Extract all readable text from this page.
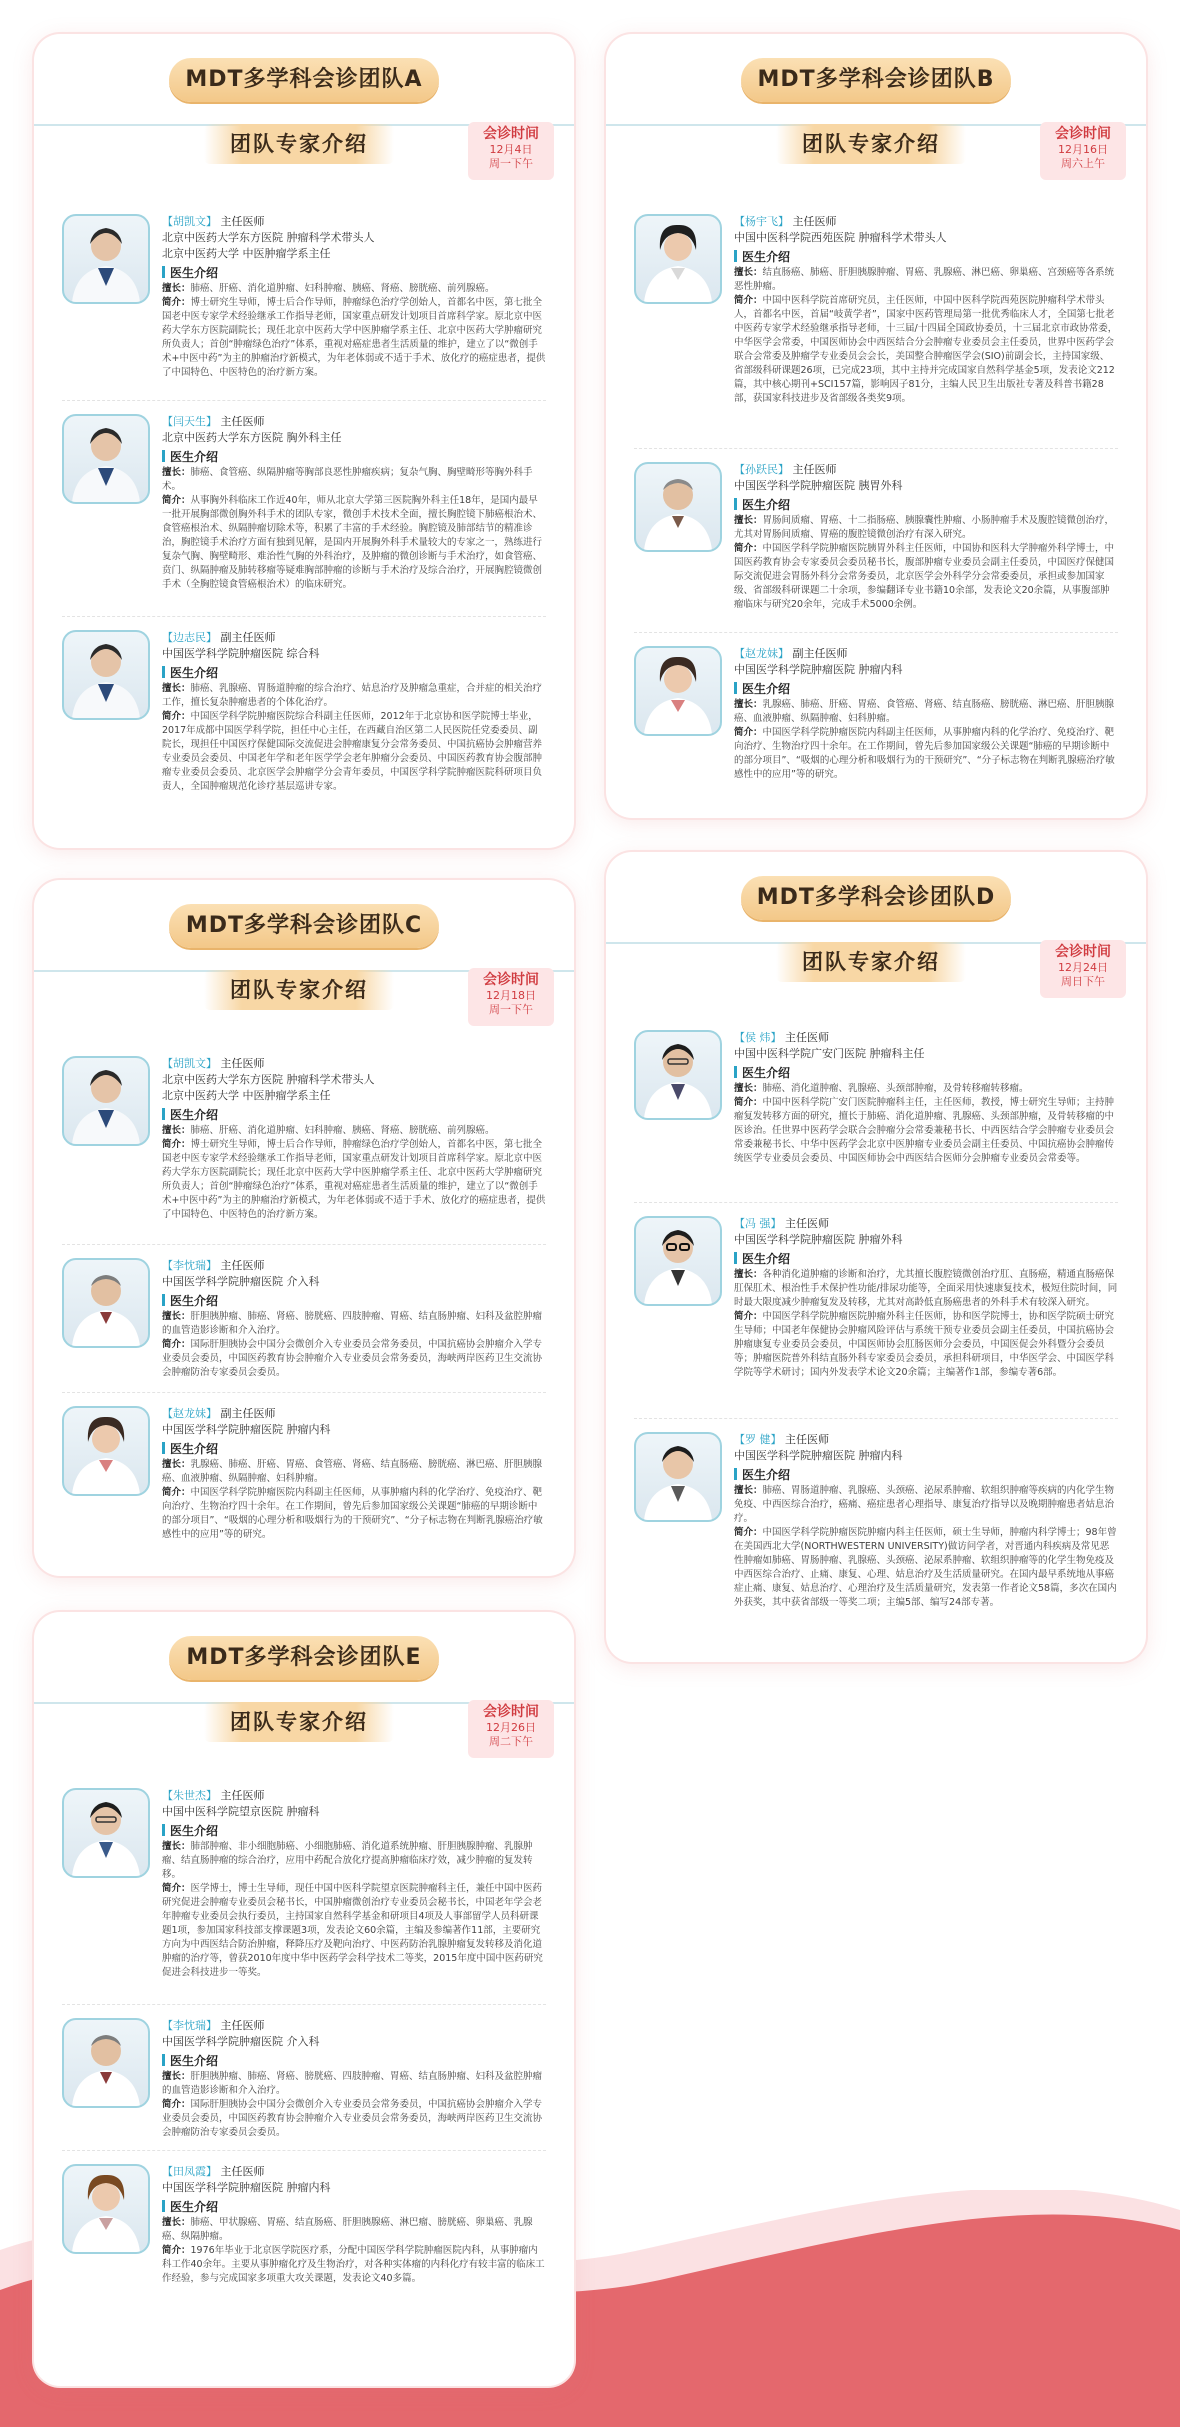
MDT多学科会诊团队A
团队专家介绍	会诊时间
12月4日
周一下午
【胡凯文】 主任医师
北京中医药大学东方医院 肿瘤科学术带头人
北京中医药大学 中医肿瘤学系主任
医生介绍

擅长：肺癌、肝癌、消化道肿瘤、妇科肿瘤、胰癌、肾癌、膀胱癌、前列腺癌。

简介：博士研究生导师，博士后合作导师，肿瘤绿色治疗学创始人，首都名中医，第七批全国老中医专家学术经验继承工作指导老师，国家重点研发计划项目首席科学家。原北京中医药大学东方医院副院长；现任北京中医药大学中医肿瘤学系主任、北京中医药大学肿瘤研究所负责人；首创“肿瘤绿色治疗”体系，重视对癌症患者生活质量的维护，建立了以“微创手术+中医中药”为主的肿瘤治疗新模式，为年老体弱或不适于手术、放化疗的癌症患者，提供了中国特色、中医特色的治疗新方案。

【闫天生】 主任医师
北京中医药大学东方医院 胸外科主任
医生介绍

擅长：肺癌、食管癌、纵隔肿瘤等胸部良恶性肿瘤疾病；复杂气胸、胸壁畸形等胸外科手术。

简介：从事胸外科临床工作近40年，师从北京大学第三医院胸外科主任18年，是国内最早一批开展胸部微创胸外科手术的团队专家，微创手术技术全面，擅长胸腔镜下肺癌根治术、食管癌根治术、纵隔肿瘤切除术等，积累了丰富的手术经验。胸腔镜及肺部结节的精准诊治，胸腔镜手术治疗方面有独到见解，是国内开展胸外科手术量较大的专家之一，熟练进行复杂气胸、胸壁畸形、难治性气胸的外科治疗，及肿瘤的微创诊断与手术治疗，如食管癌、贲门、纵隔肿瘤及肺转移瘤等疑难胸部肿瘤的诊断与手术治疗及综合治疗，开展胸腔镜微创手术（全胸腔镜食管癌根治术）的临床研究。

【边志民】 副主任医师
中国医学科学院肿瘤医院 综合科
医生介绍

擅长：肺癌、乳腺癌、胃肠道肿瘤的综合治疗、姑息治疗及肿瘤急重症，合并症的相关治疗工作，擅长复杂肿瘤患者的个体化治疗。

简介：中国医学科学院肿瘤医院综合科副主任医师，2012年于北京协和医学院博士毕业，2017年成都中国医学科学院，担任中心主任，在西藏自治区第二人民医院任党委委员、副院长，现担任中国医疗保健国际交流促进会肿瘤康复分会常务委员、中国抗癌协会肿瘤营养专业委员会委员、中国老年学和老年医学学会老年肿瘤分会委员、中国医药教育协会腹部肿瘤专业委员会委员、北京医学会肿瘤学分会青年委员，中国医学科学院肿瘤医院科研项目负责人，全国肿瘤规范化诊疗基层巡讲专家。

MDT多学科会诊团队B
团队专家介绍	会诊时间
12月16日
周六上午
【杨宇飞】 主任医师
中国中医科学院西苑医院 肿瘤科学术带头人
医生介绍

擅长：结直肠癌、肺癌、肝胆胰腺肿瘤、胃癌、乳腺癌、淋巴癌、卵巢癌、宫颈癌等各系统恶性肿瘤。

简介：中国中医科学院首席研究员，主任医师，中国中医科学院西苑医院肿瘤科学术带头人，首都名中医，首届“岐黄学者”，国家中医药管理局第一批优秀临床人才，全国第七批老中医药专家学术经验继承指导老师，十三届/十四届全国政协委员，十三届北京市政协常委，中华医学会常委，中国医师协会中西医结合分会肿瘤专业委员会主任委员，世界中医药学会联合会常委及肿瘤学专业委员会会长，美国整合肿瘤医学会(SIO)前副会长，主持国家级、省部级科研课题26项，已完成23项，其中主持并完成国家自然科学基金5项，发表论文212篇，其中核心期刊+SCI157篇，影响因子81分，主编人民卫生出版社专著及科普书籍28部，获国家科技进步及省部级各类奖9项。

【孙跃民】 主任医师
中国医学科学院肿瘤医院 胰胃外科
医生介绍

擅长：胃肠间质瘤、胃癌、十二指肠癌、胰腺囊性肿瘤、小肠肿瘤手术及腹腔镜微创治疗，尤其对胃肠间质瘤、胃癌的腹腔镜微创治疗有深入研究。

简介：中国医学科学院肿瘤医院胰胃外科主任医师，中国协和医科大学肿瘤外科学博士，中国医药教育协会专家委员会委员秘书长，腹部肿瘤专业委员会副主任委员，中国医疗保健国际交流促进会胃肠外科分会常务委员，北京医学会外科学分会常委委员，承担或参加国家级、省部级科研课题二十余项，参编翻译专业书籍10余部，发表论文20余篇，从事腹部肿瘤临床与研究20余年，完成手术5000余例。

【赵龙妹】 副主任医师
中国医学科学院肿瘤医院 肿瘤内科
医生介绍

擅长：乳腺癌、肺癌、肝癌、胃癌、食管癌、肾癌、结直肠癌、膀胱癌、淋巴癌、肝胆胰腺癌、血液肿瘤、纵隔肿瘤、妇科肿瘤。

简介：中国医学科学院肿瘤医院内科副主任医师，从事肿瘤内科的化学治疗、免疫治疗、靶向治疗、生物治疗四十余年。在工作期间，曾先后参加国家级公关课题“肺癌的早期诊断中的部分项目”、“吸烟的心理分析和吸烟行为的干预研究”、“分子标志物在判断乳腺癌治疗敏感性中的应用”等的研究。

MDT多学科会诊团队C
团队专家介绍	会诊时间
12月18日
周一下午
【胡凯文】 主任医师
北京中医药大学东方医院 肿瘤科学术带头人
北京中医药大学 中医肿瘤学系主任
医生介绍

擅长：肺癌、肝癌、消化道肿瘤、妇科肿瘤、胰癌、肾癌、膀胱癌、前列腺癌。

简介：博士研究生导师，博士后合作导师，肿瘤绿色治疗学创始人，首都名中医，第七批全国老中医专家学术经验继承工作指导老师，国家重点研发计划项目首席科学家。原北京中医药大学东方医院副院长；现任北京中医药大学中医肿瘤学系主任、北京中医药大学肿瘤研究所负责人；首创“肿瘤绿色治疗”体系，重视对癌症患者生活质量的维护，建立了以“微创手术+中医中药”为主的肿瘤治疗新模式，为年老体弱或不适于手术、放化疗的癌症患者，提供了中国特色、中医特色的治疗新方案。

【李忱瑞】 主任医师
中国医学科学院肿瘤医院 介入科
医生介绍

擅长：肝胆胰肿瘤、肺癌、肾癌、膀胱癌、四肢肿瘤、胃癌、结直肠肿瘤、妇科及盆腔肿瘤的血管造影诊断和介入治疗。

简介：国际肝胆胰协会中国分会微创介入专业委员会常务委员，中国抗癌协会肿瘤介入学专业委员会委员，中国医药教育协会肿瘤介入专业委员会常务委员，海峡两岸医药卫生交流协会肿瘤防治专家委员会委员。

【赵龙妹】 副主任医师
中国医学科学院肿瘤医院 肿瘤内科
医生介绍

擅长：乳腺癌、肺癌、肝癌、胃癌、食管癌、肾癌、结直肠癌、膀胱癌、淋巴癌、肝胆胰腺癌、血液肿瘤、纵隔肿瘤、妇科肿瘤。

简介：中国医学科学院肿瘤医院内科副主任医师，从事肿瘤内科的化学治疗、免疫治疗、靶向治疗、生物治疗四十余年。在工作期间，曾先后参加国家级公关课题“肺癌的早期诊断中的部分项目”、“吸烟的心理分析和吸烟行为的干预研究”、“分子标志物在判断乳腺癌治疗敏感性中的应用”等的研究。

MDT多学科会诊团队D
团队专家介绍	会诊时间
12月24日
周日下午
【侯 炜】 主任医师
中国中医科学院广安门医院 肿瘤科主任
医生介绍

擅长：肺癌、消化道肿瘤、乳腺癌、头颈部肿瘤，及骨转移瘤转移瘤。

简介：中国中医科学院广安门医院肿瘤科主任，主任医师，教授，博士研究生导师；主持肿瘤复发转移方面的研究，擅长于肺癌、消化道肿瘤、乳腺癌、头颈部肿瘤，及骨转移瘤的中医诊治。任世界中医药学会联合会肿瘤分会常委兼秘书长、中西医结合学会肿瘤专业委员会常委兼秘书长、中华中医药学会北京中医肿瘤专业委员会副主任委员、中国抗癌协会肿瘤传统医学专业委员会委员、中国医师协会中西医结合医师分会肿瘤专业委员会常委等。

【冯 强】 主任医师
中国医学科学院肿瘤医院 肿瘤外科
医生介绍

擅长：各种消化道肿瘤的诊断和治疗，尤其擅长腹腔镜微创治疗肛、直肠癌，精通直肠癌保肛保肛术、根治性手术保护性功能/排尿功能等，全面采用快速康复技术，极短住院时间，同时最大限度减少肿瘤复发及转移，尤其对高龄低直肠癌患者的外科手术有较深入研究。

简介：中国医学科学院肿瘤医院肿瘤外科主任医师，协和医学院博士，协和医学院硕士研究生导师；中国老年保健协会肿瘤风险评估与系统干预专业委员会副主任委员，中国抗癌协会肿瘤康复专业委员会委员，中国医师协会肛肠医师分会委员，中国医促会外科暨分会委员等；肿瘤医院普外科结直肠外科专家委员会委员，承担科研项目，中华医学会、中国医学科学院等学术研讨；国内外发表学术论文20余篇；主编著作1部，参编专著6部。

【罗 健】 主任医师
中国医学科学院肿瘤医院 肿瘤内科
医生介绍

擅长：肺癌、胃肠道肿瘤、乳腺癌、头颈癌、泌尿系肿瘤、软组织肿瘤等疾病的内化学生物免疫、中西医综合治疗，癌痛、癌症患者心理指导、康复治疗指导以及晚期肿瘤患者姑息治疗。

简介：中国医学科学院肿瘤医院肿瘤内科主任医师，硕士生导师，肿瘤内科学博士；98年曾在美国西北大学(NORTHWESTERN UNIVERSITY)做访问学者，对晋通内科疾病及常见恶性肿瘤如肺癌、胃肠肿瘤、乳腺癌、头颈癌、泌尿系肿瘤、软组织肿瘤等的化学生物免疫及中西医综合治疗、止痛、康复、心理、姑息治疗及生活质量研究。在国内最早系统地从事癌症止痛、康复、姑息治疗、心理治疗及生活质量研究，发表第一作者论文58篇，多次在国内外获奖，其中获省部级一等奖二项；主编5部、编写24部专著。

MDT多学科会诊团队E
团队专家介绍	会诊时间
12月26日
周二下午
【朱世杰】 主任医师
中国中医科学院望京医院 肿瘤科
医生介绍

擅长：肺部肿瘤、非小细胞肺癌、小细胞肺癌、消化道系统肿瘤、肝胆胰腺肿瘤、乳腺肿瘤、结直肠肿瘤的综合治疗，应用中药配合放化疗提高肿瘤临床疗效，减少肿瘤的复发转移。

简介：医学博士，博士生导师，现任中国中医科学院望京医院肿瘤科主任，兼任中国中医药研究促进会肿瘤专业委员会秘书长，中国肿瘤微创治疗专业委员会秘书长，中国老年学会老年肿瘤专业委员会执行委员，主持国家自然科学基金和研项目4项及人事部留学人员科研课题1项，参加国家科技部支撑课题3项，发表论文60余篇，主编及参编著作11部，主要研究方向为中西医结合防治肿瘤，释降压疗及靶向治疗、中医药防治乳腺肿瘤复发转移及消化道肿瘤的治疗等，曾获2010年度中华中医药学会科学技术二等奖，2015年度中国中医药研究促进会科技进步一等奖。

【李忱瑞】 主任医师
中国医学科学院肿瘤医院 介入科
医生介绍

擅长：肝胆胰肿瘤、肺癌、肾癌、膀胱癌、四肢肿瘤、胃癌、结直肠肿瘤、妇科及盆腔肿瘤的血管造影诊断和介入治疗。

简介：国际肝胆胰协会中国分会微创介入专业委员会常务委员，中国抗癌协会肿瘤介入学专业委员会委员，中国医药教育协会肿瘤介入专业委员会常务委员，海峡两岸医药卫生交流协会肿瘤防治专家委员会委员。

【田凤霞】 主任医师
中国医学科学院肿瘤医院 肿瘤内科
医生介绍

擅长：肺癌、甲状腺癌、胃癌、结直肠癌、肝胆胰腺癌、淋巴瘤、膀胱癌、卵巢癌、乳腺癌、纵隔肿瘤。

简介：1976年毕业于北京医学院医疗系，分配中国医学科学院肿瘤医院内科，从事肿瘤内科工作40余年。主要从事肿瘤化疗及生物治疗，对各种实体瘤的内科化疗有较丰富的临床工作经验，参与完成国家多项重大攻关课题，发表论文40多篇。
